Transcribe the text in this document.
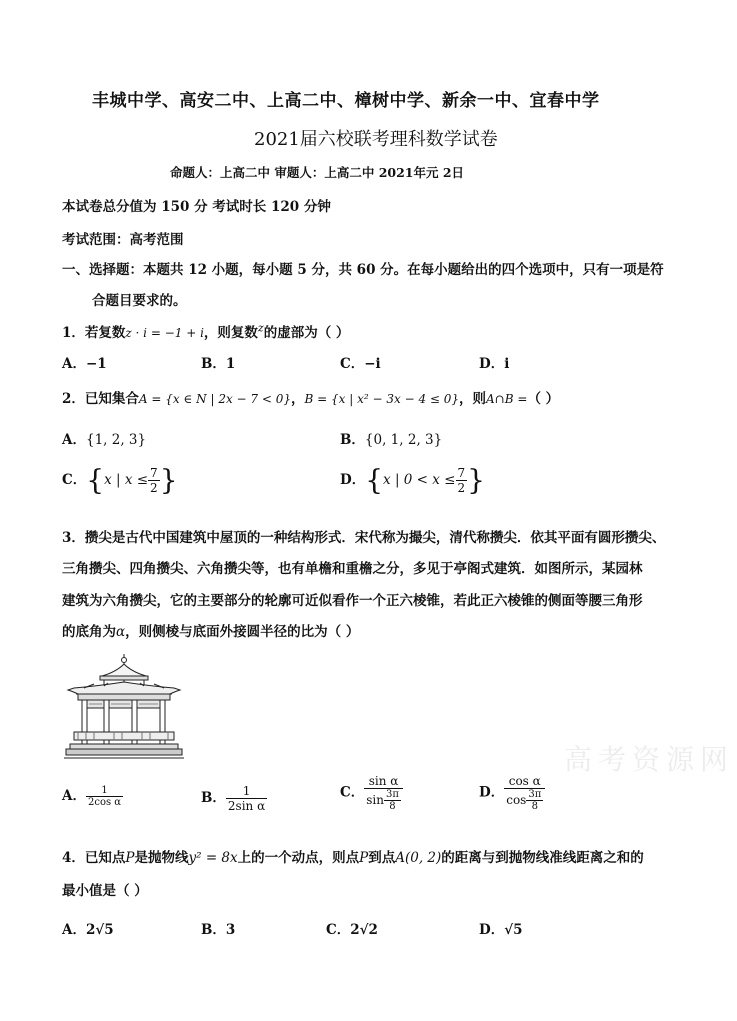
丰城中学、高安二中、上高二中、樟树中学、新余一中、宜春中学
2021届六校联考理科数学试卷
命题人：上高二中 审题人：上高二中 2021年元 2日
本试卷总分值为 150 分 考试时长 120 分钟
考试范围：高考范围
一、选择题：本题共 12 小题，每小题 5 分，共 60 分。在每小题给出的四个选项中，只有一项是符
合题目要求的。
1．若复数z · i = −1 + i，则复数$^z$的虚部为（ ）
A．−1	B．1	C．−i	D．i
2．已知集合A = {x ∈ N | 2x − 7 < 0}，B = {x | x² − 3x − 4 ≤ 0}，则A∩B =（ ）
A．{1, 2, 3}	B．{0, 1, 2, 3}
C．{x | $x \le \frac{7}{2}$ }	D．{x | $0 < x \le \frac{7}{2}$ }
3．攒尖是古代中国建筑中屋顶的一种结构形式．宋代称为撮尖，清代称攒尖．依其平面有圆形攒尖、
三角攒尖、四角攒尖、六角攒尖等，也有单檐和重檐之分，多见于亭阁式建筑．如图所示，某园林
建筑为六角攒尖，它的主要部分的轮廓可近似看作一个正六棱锥，若此正六棱锥的侧面等腰三角形
的底角为α，则侧棱与底面外接圆半径的比为（ ）
高考资源网
A． $\frac{1}{\text{2cos α}}$	B． $\frac{1}{\text{2sin α}}$	C． $\frac{\text{sin α}}{\sin \frac{3\pi}{8}}$	D． $\frac{\text{cos α}}{\cos \frac{3\pi}{8}}$
4．已知点P是抛物线y² = 8x上的一个动点，则点P到点A(0, 2)的距离与到抛物线准线距离之和的
最小值是（ ）
A．2√5	B．3	C．2√2	D．√5
